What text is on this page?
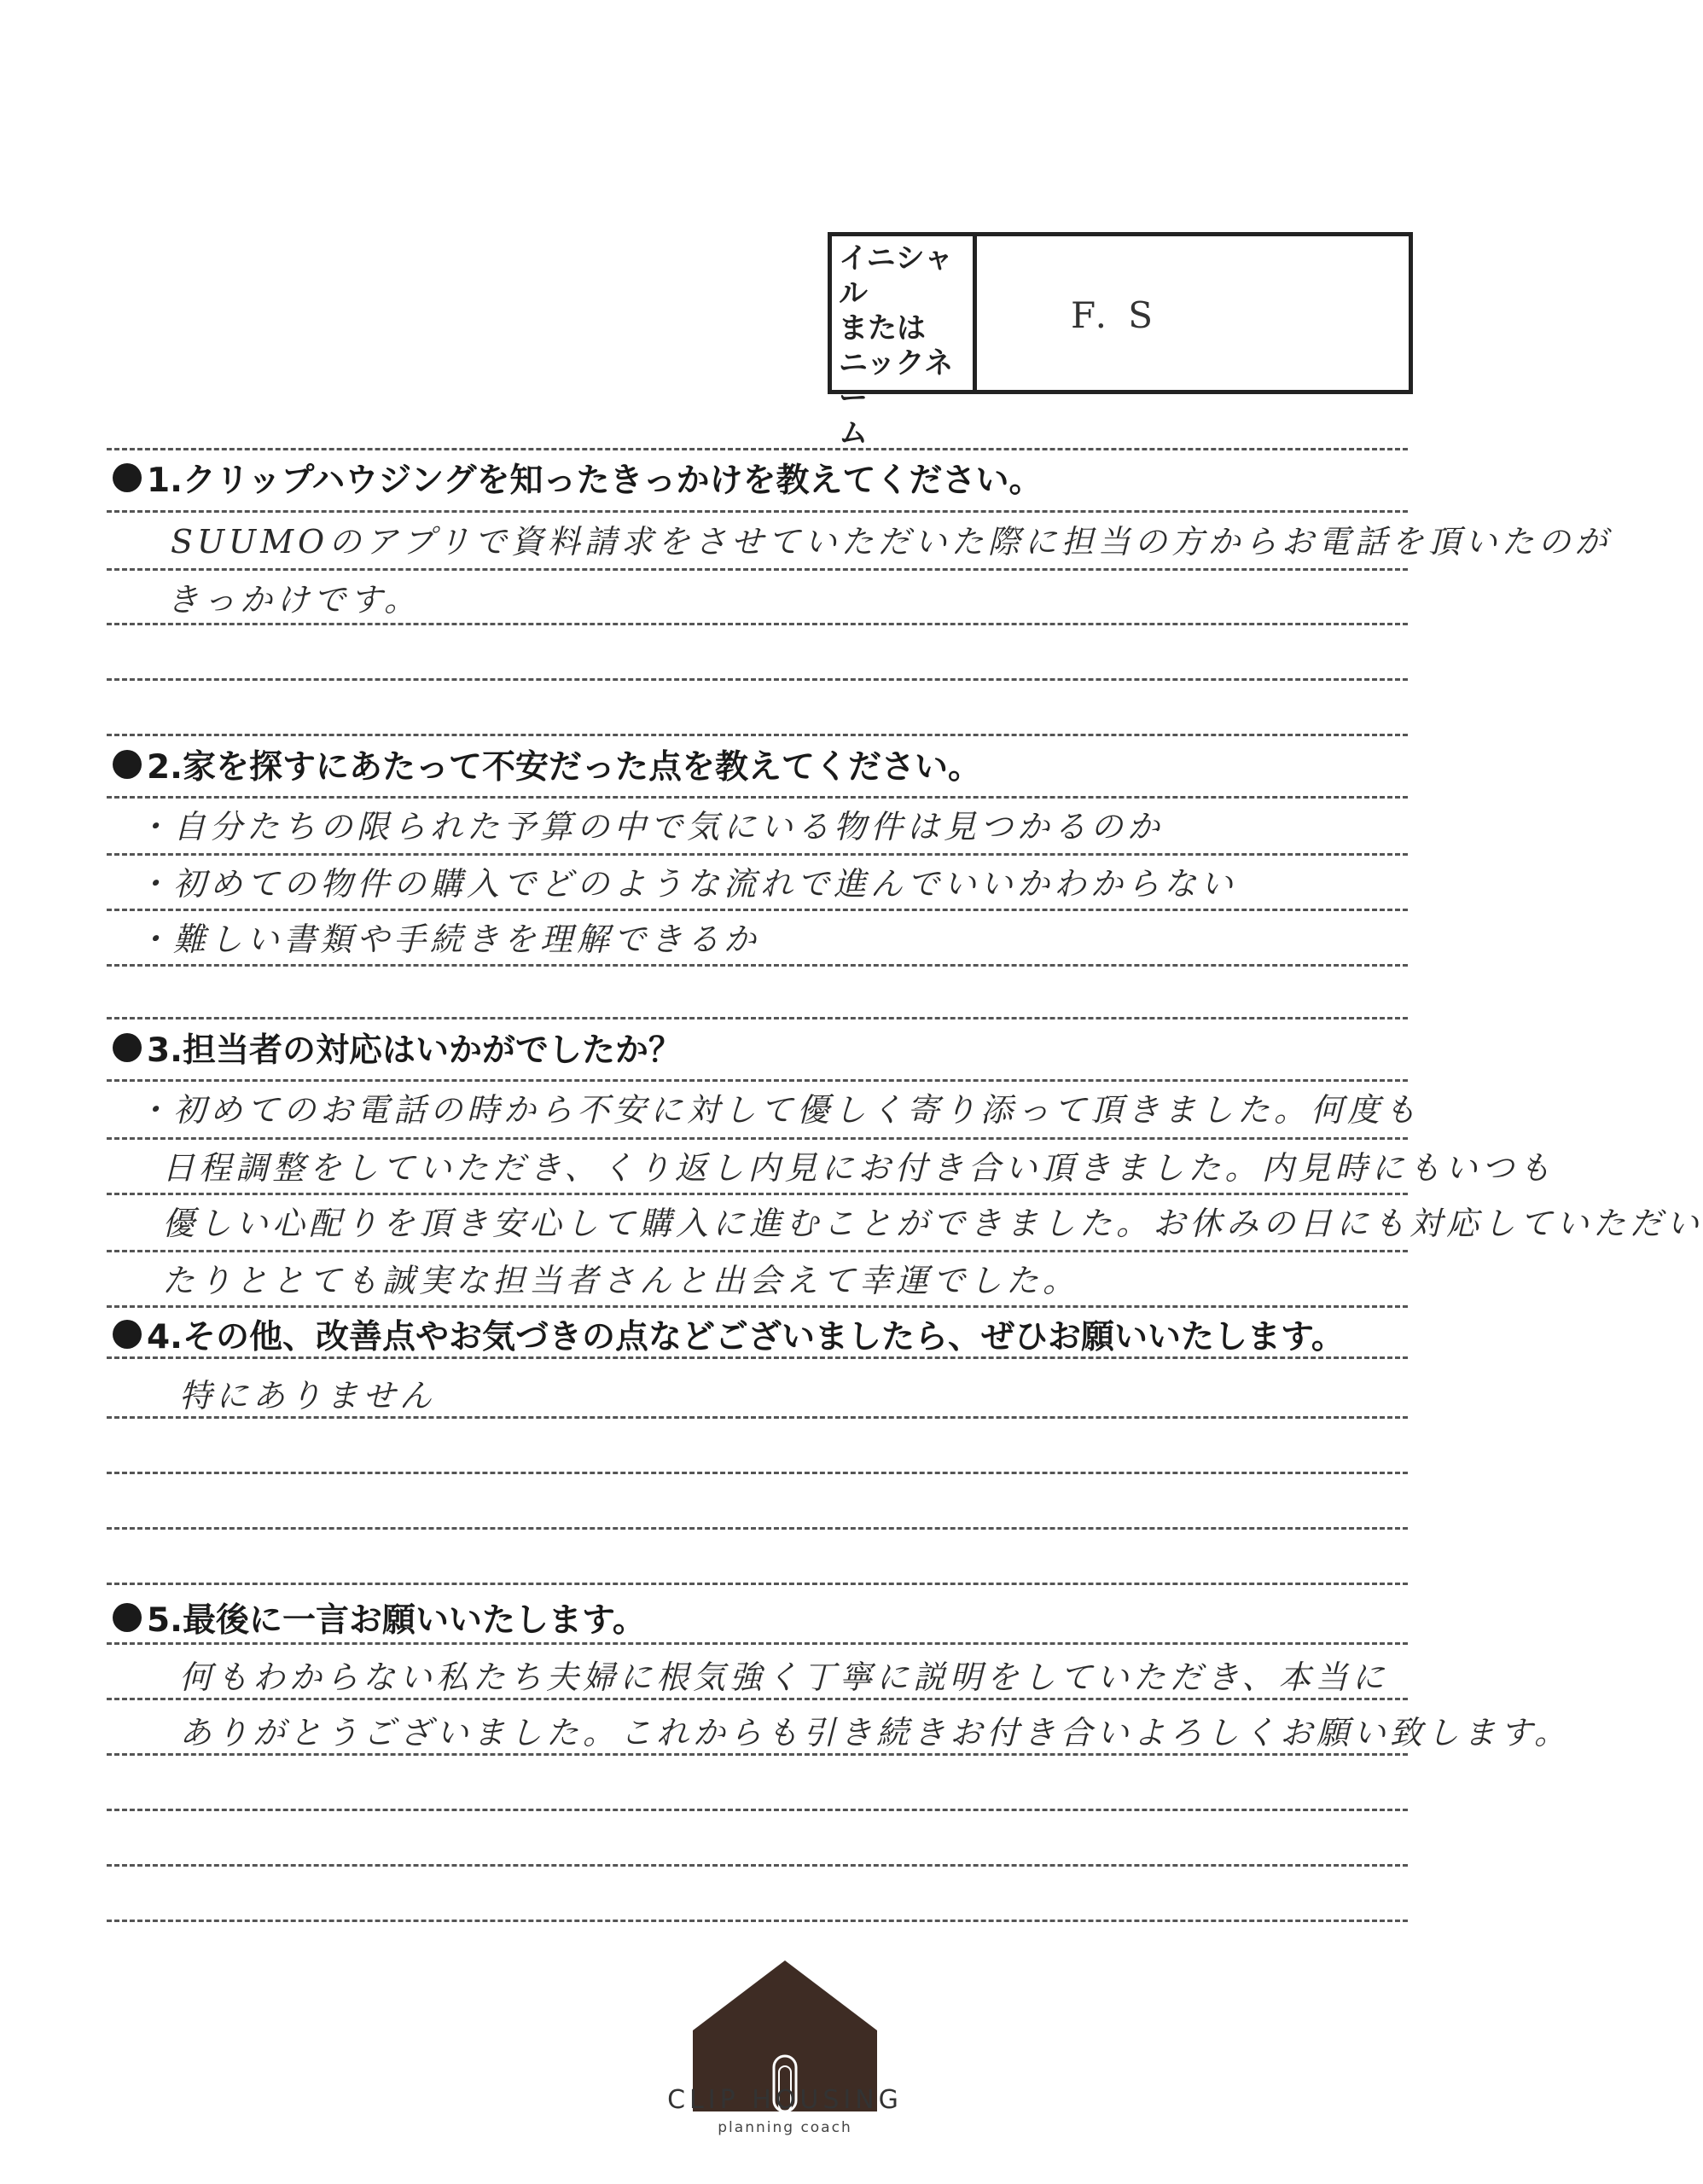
イニシャル
または
ニックネー
ム
F. S
1.クリップハウジングを知ったきっかけを教えてください。
SUUMOのアプリで資料請求をさせていただいた際に担当の方からお電話を頂いたのが
きっかけです。
2.家を探すにあたって不安だった点を教えてください。
・自分たちの限られた予算の中で気にいる物件は見つかるのか
・初めての物件の購入でどのような流れで進んでいいかわからない
・難しい書類や手続きを理解できるか
3.担当者の対応はいかがでしたか？
・初めてのお電話の時から不安に対して優しく寄り添って頂きました。何度も
日程調整をしていただき、くり返し内見にお付き合い頂きました。内見時にもいつも
優しい心配りを頂き安心して購入に進むことができました。お休みの日にも対応していただい
たりととても誠実な担当者さんと出会えて幸運でした。
4.その他、改善点やお気づきの点などございましたら、ぜひお願いいたします。
特にありません
5.最後に一言お願いいたします。
何もわからない私たち夫婦に根気強く丁寧に説明をしていただき、本当に
ありがとうございました。これからも引き続きお付き合いよろしくお願い致します。
CLIP HOUSING
planning coach
